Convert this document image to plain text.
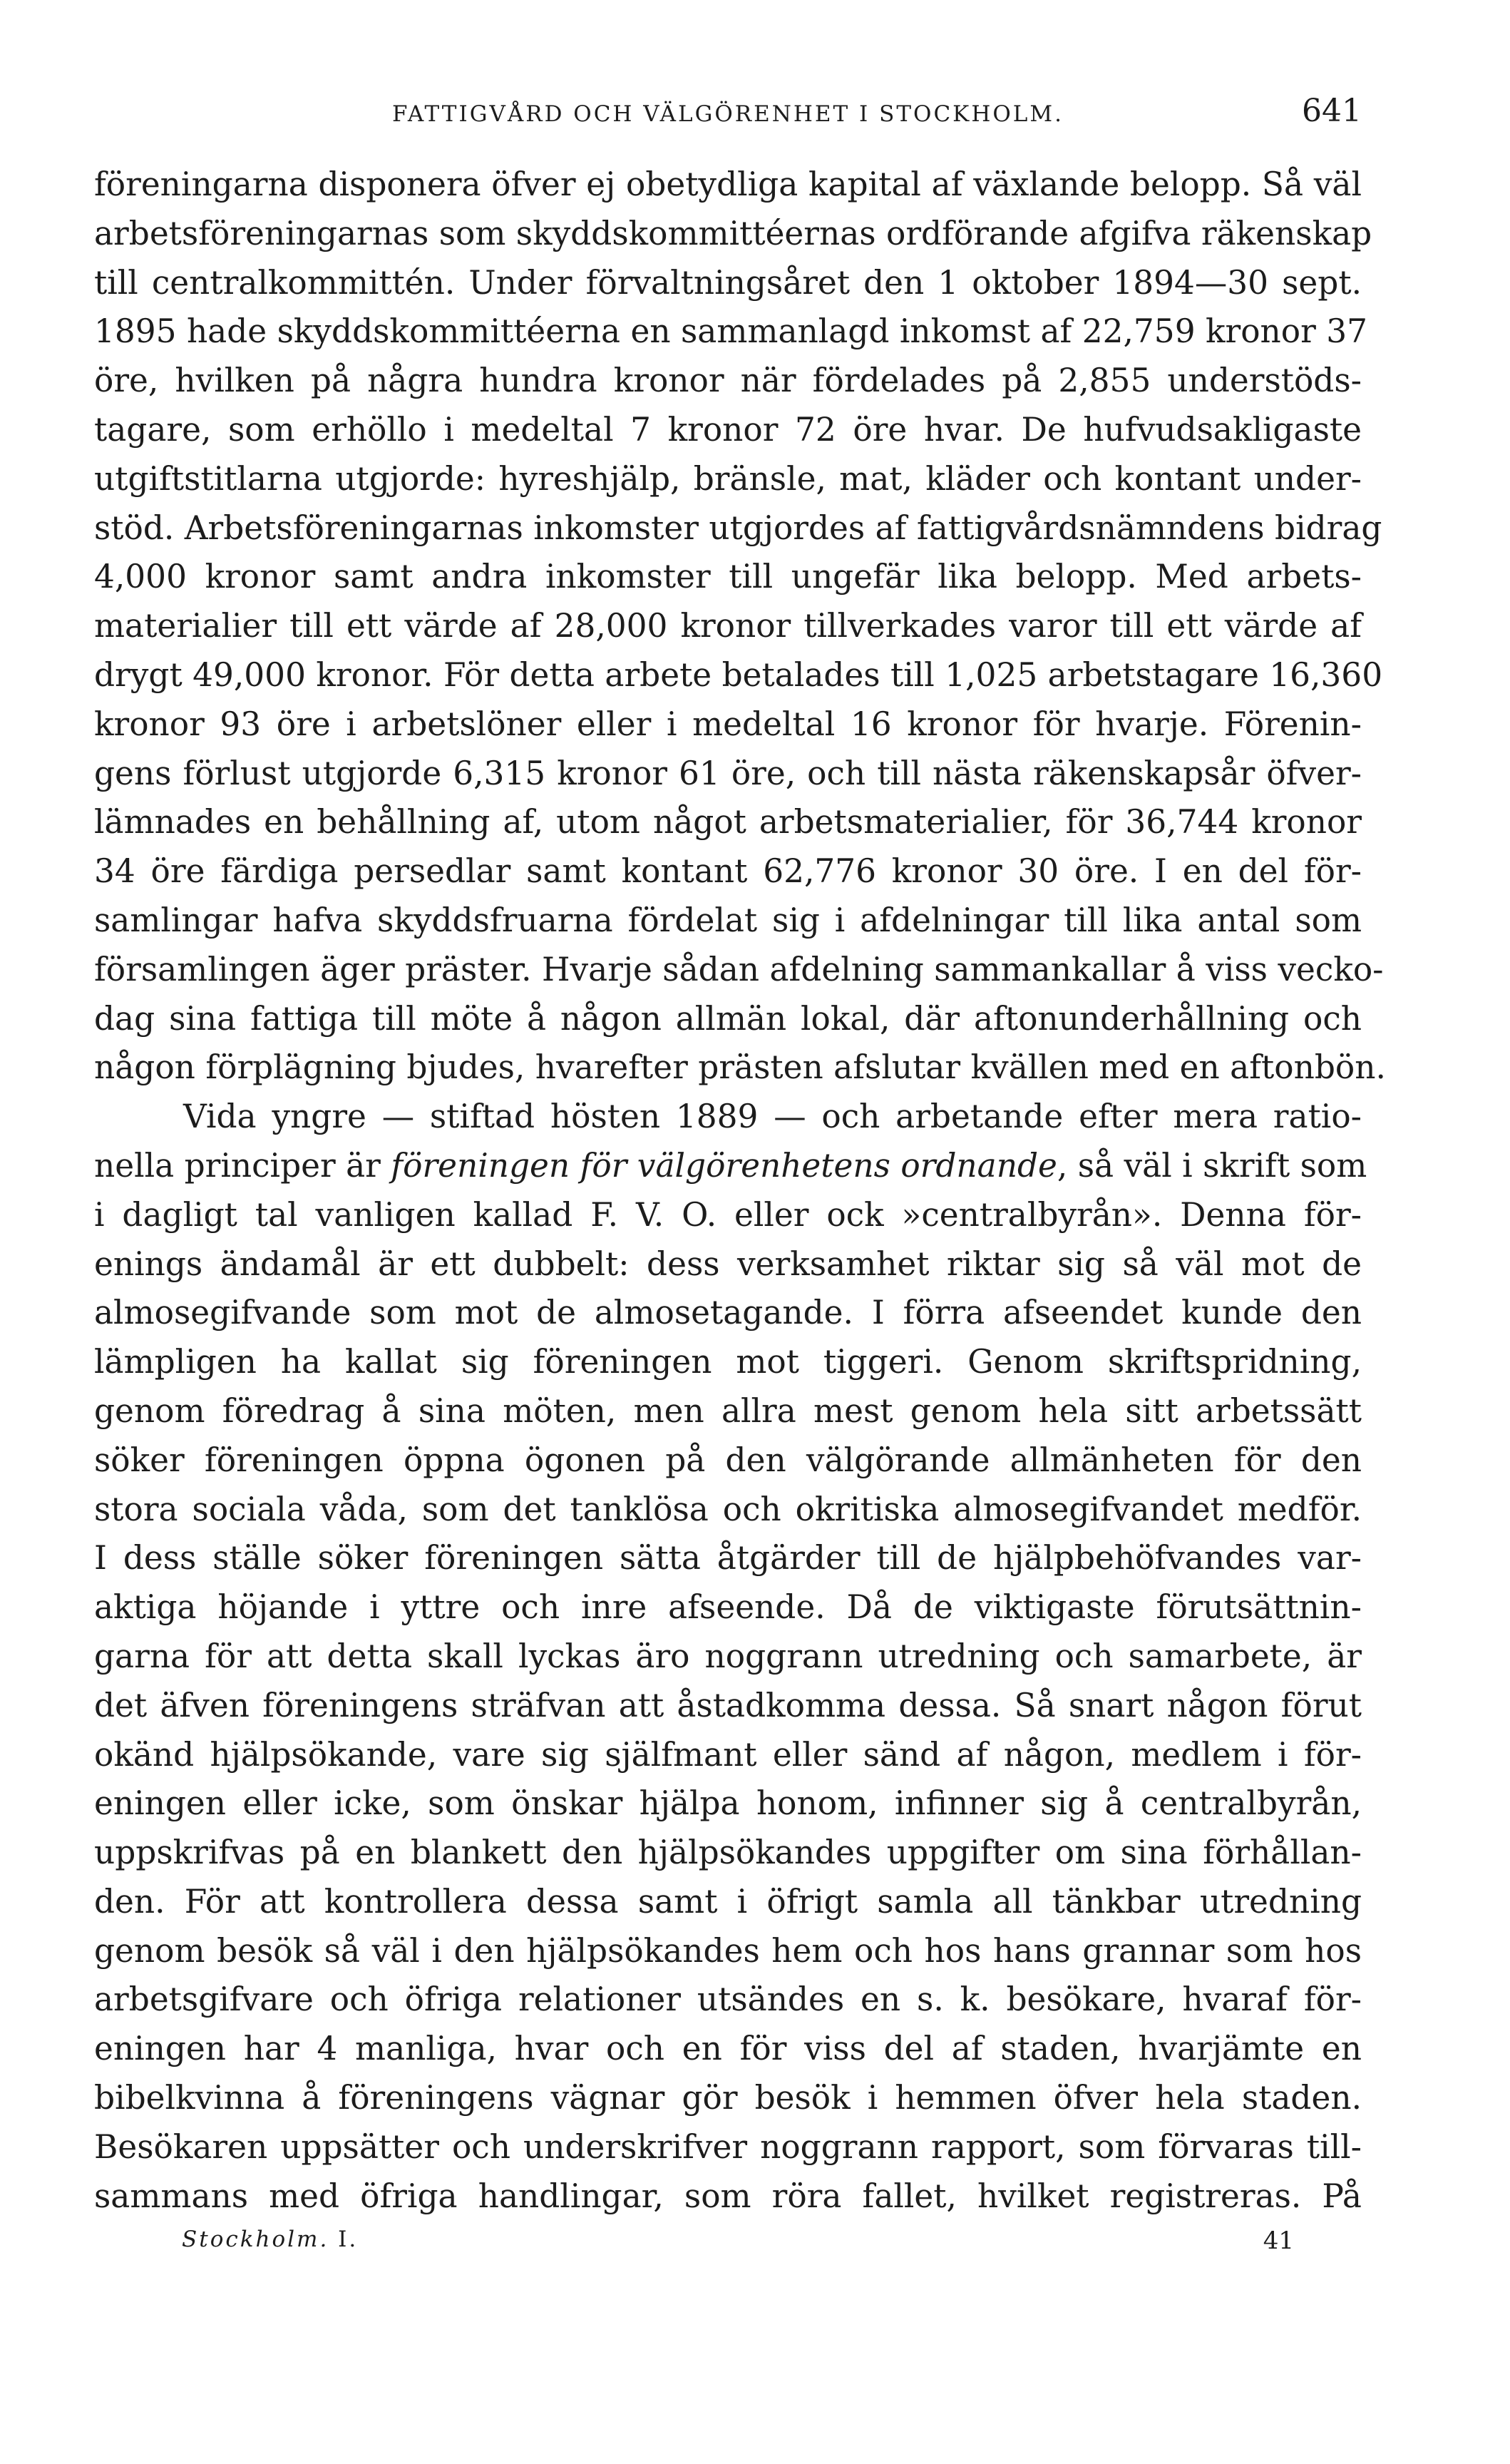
FATTIGVÅRD OCH VÄLGÖRENHET I STOCKHOLM.	641
föreningarna disponera öfver ej obetydliga kapital af växlande belopp. Så väl
arbetsföreningarnas som skyddskommittéernas ordförande afgifva räkenskap
till centralkommittén. Under förvaltningsåret den 1 oktober 1894—30 sept.
1895 hade skyddskommittéerna en sammanlagd inkomst af 22,759 kronor 37
öre, hvilken på några hundra kronor när fördelades på 2,855 understöds-
tagare, som erhöllo i medeltal 7 kronor 72 öre hvar. De hufvudsakligaste
utgiftstitlarna utgjorde: hyreshjälp, bränsle, mat, kläder och kontant under-
stöd. Arbetsföreningarnas inkomster utgjordes af fattigvårdsnämndens bidrag
4,000 kronor samt andra inkomster till ungefär lika belopp. Med arbets-
materialier till ett värde af 28,000 kronor tillverkades varor till ett värde af
drygt 49,000 kronor. För detta arbete betalades till 1,025 arbetstagare 16,360
kronor 93 öre i arbetslöner eller i medeltal 16 kronor för hvarje. Förenin-
gens förlust utgjorde 6,315 kronor 61 öre, och till nästa räkenskapsår öfver-
lämnades en behållning af, utom något arbetsmaterialier, för 36,744 kronor
34 öre färdiga persedlar samt kontant 62,776 kronor 30 öre. I en del för-
samlingar hafva skyddsfruarna fördelat sig i afdelningar till lika antal som
församlingen äger präster. Hvarje sådan afdelning sammankallar å viss vecko-
dag sina fattiga till möte å någon allmän lokal, där aftonunderhållning och
någon förplägning bjudes, hvarefter prästen afslutar kvällen med en aftonbön.
Vida yngre — stiftad hösten 1889 — och arbetande efter mera ratio-
nella principer är föreningen för välgörenhetens ordnande, så väl i skrift som
i dagligt tal vanligen kallad F. V. O. eller ock »centralbyrån». Denna för-
enings ändamål är ett dubbelt: dess verksamhet riktar sig så väl mot de
almosegifvande som mot de almosetagande. I förra afseendet kunde den
lämpligen ha kallat sig föreningen mot tiggeri. Genom skriftspridning,
genom föredrag å sina möten, men allra mest genom hela sitt arbetssätt
söker föreningen öppna ögonen på den välgörande allmänheten för den
stora sociala våda, som det tanklösa och okritiska almosegifvandet medför.
I dess ställe söker föreningen sätta åtgärder till de hjälpbehöfvandes var-
aktiga höjande i yttre och inre afseende. Då de viktigaste förutsättnin-
garna för att detta skall lyckas äro noggrann utredning och samarbete, är
det äfven föreningens sträfvan att åstadkomma dessa. Så snart någon förut
okänd hjälpsökande, vare sig själfmant eller sänd af någon, medlem i för-
eningen eller icke, som önskar hjälpa honom, infinner sig å centralbyrån,
uppskrifvas på en blankett den hjälpsökandes uppgifter om sina förhållan-
den. För att kontrollera dessa samt i öfrigt samla all tänkbar utredning
genom besök så väl i den hjälpsökandes hem och hos hans grannar som hos
arbetsgifvare och öfriga relationer utsändes en s. k. besökare, hvaraf för-
eningen har 4 manliga, hvar och en för viss del af staden, hvarjämte en
bibelkvinna å föreningens vägnar gör besök i hemmen öfver hela staden.
Besökaren uppsätter och underskrifver noggrann rapport, som förvaras till-
sammans med öfriga handlingar, som röra fallet, hvilket registreras. På
Stockholm. I.	41
